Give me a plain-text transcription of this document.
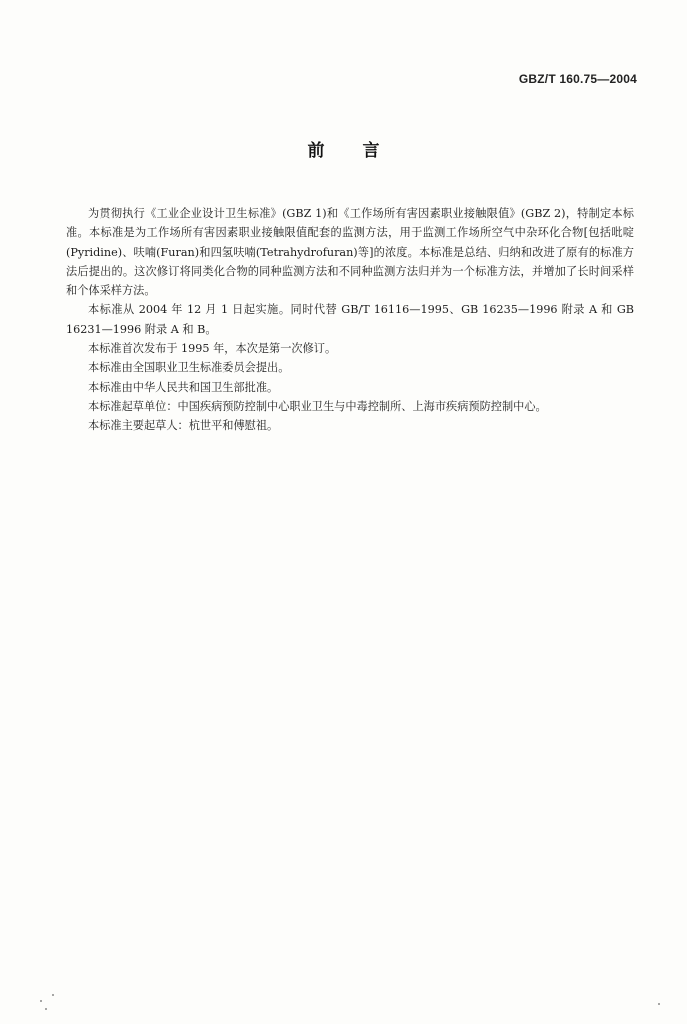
GBZ/T 160.75—2004
前言

为贯彻执行《工业企业设计卫生标准》(GBZ 1)和《工作场所有害因素职业接触限值》(GBZ 2)，特制定本标准。本标准是为工作场所有害因素职业接触限值配套的监测方法，用于监测工作场所空气中杂环化合物[包括吡啶(Pyridine)、呋喃(Furan)和四氢呋喃(Tetrahydrofuran)等]的浓度。本标准是总结、归纳和改进了原有的标准方法后提出的。这次修订将同类化合物的同种监测方法和不同种监测方法归并为一个标准方法，并增加了长时间采样和个体采样方法。

本标准从 2004 年 12 月 1 日起实施。同时代替 GB/T 16116—1995、GB 16235—1996 附录 A 和 GB 16231—1996 附录 A 和 B。

本标准首次发布于 1995 年，本次是第一次修订。

本标准由全国职业卫生标准委员会提出。

本标准由中华人民共和国卫生部批准。

本标准起草单位：中国疾病预防控制中心职业卫生与中毒控制所、上海市疾病预防控制中心。

本标准主要起草人：杭世平和傅慰祖。
